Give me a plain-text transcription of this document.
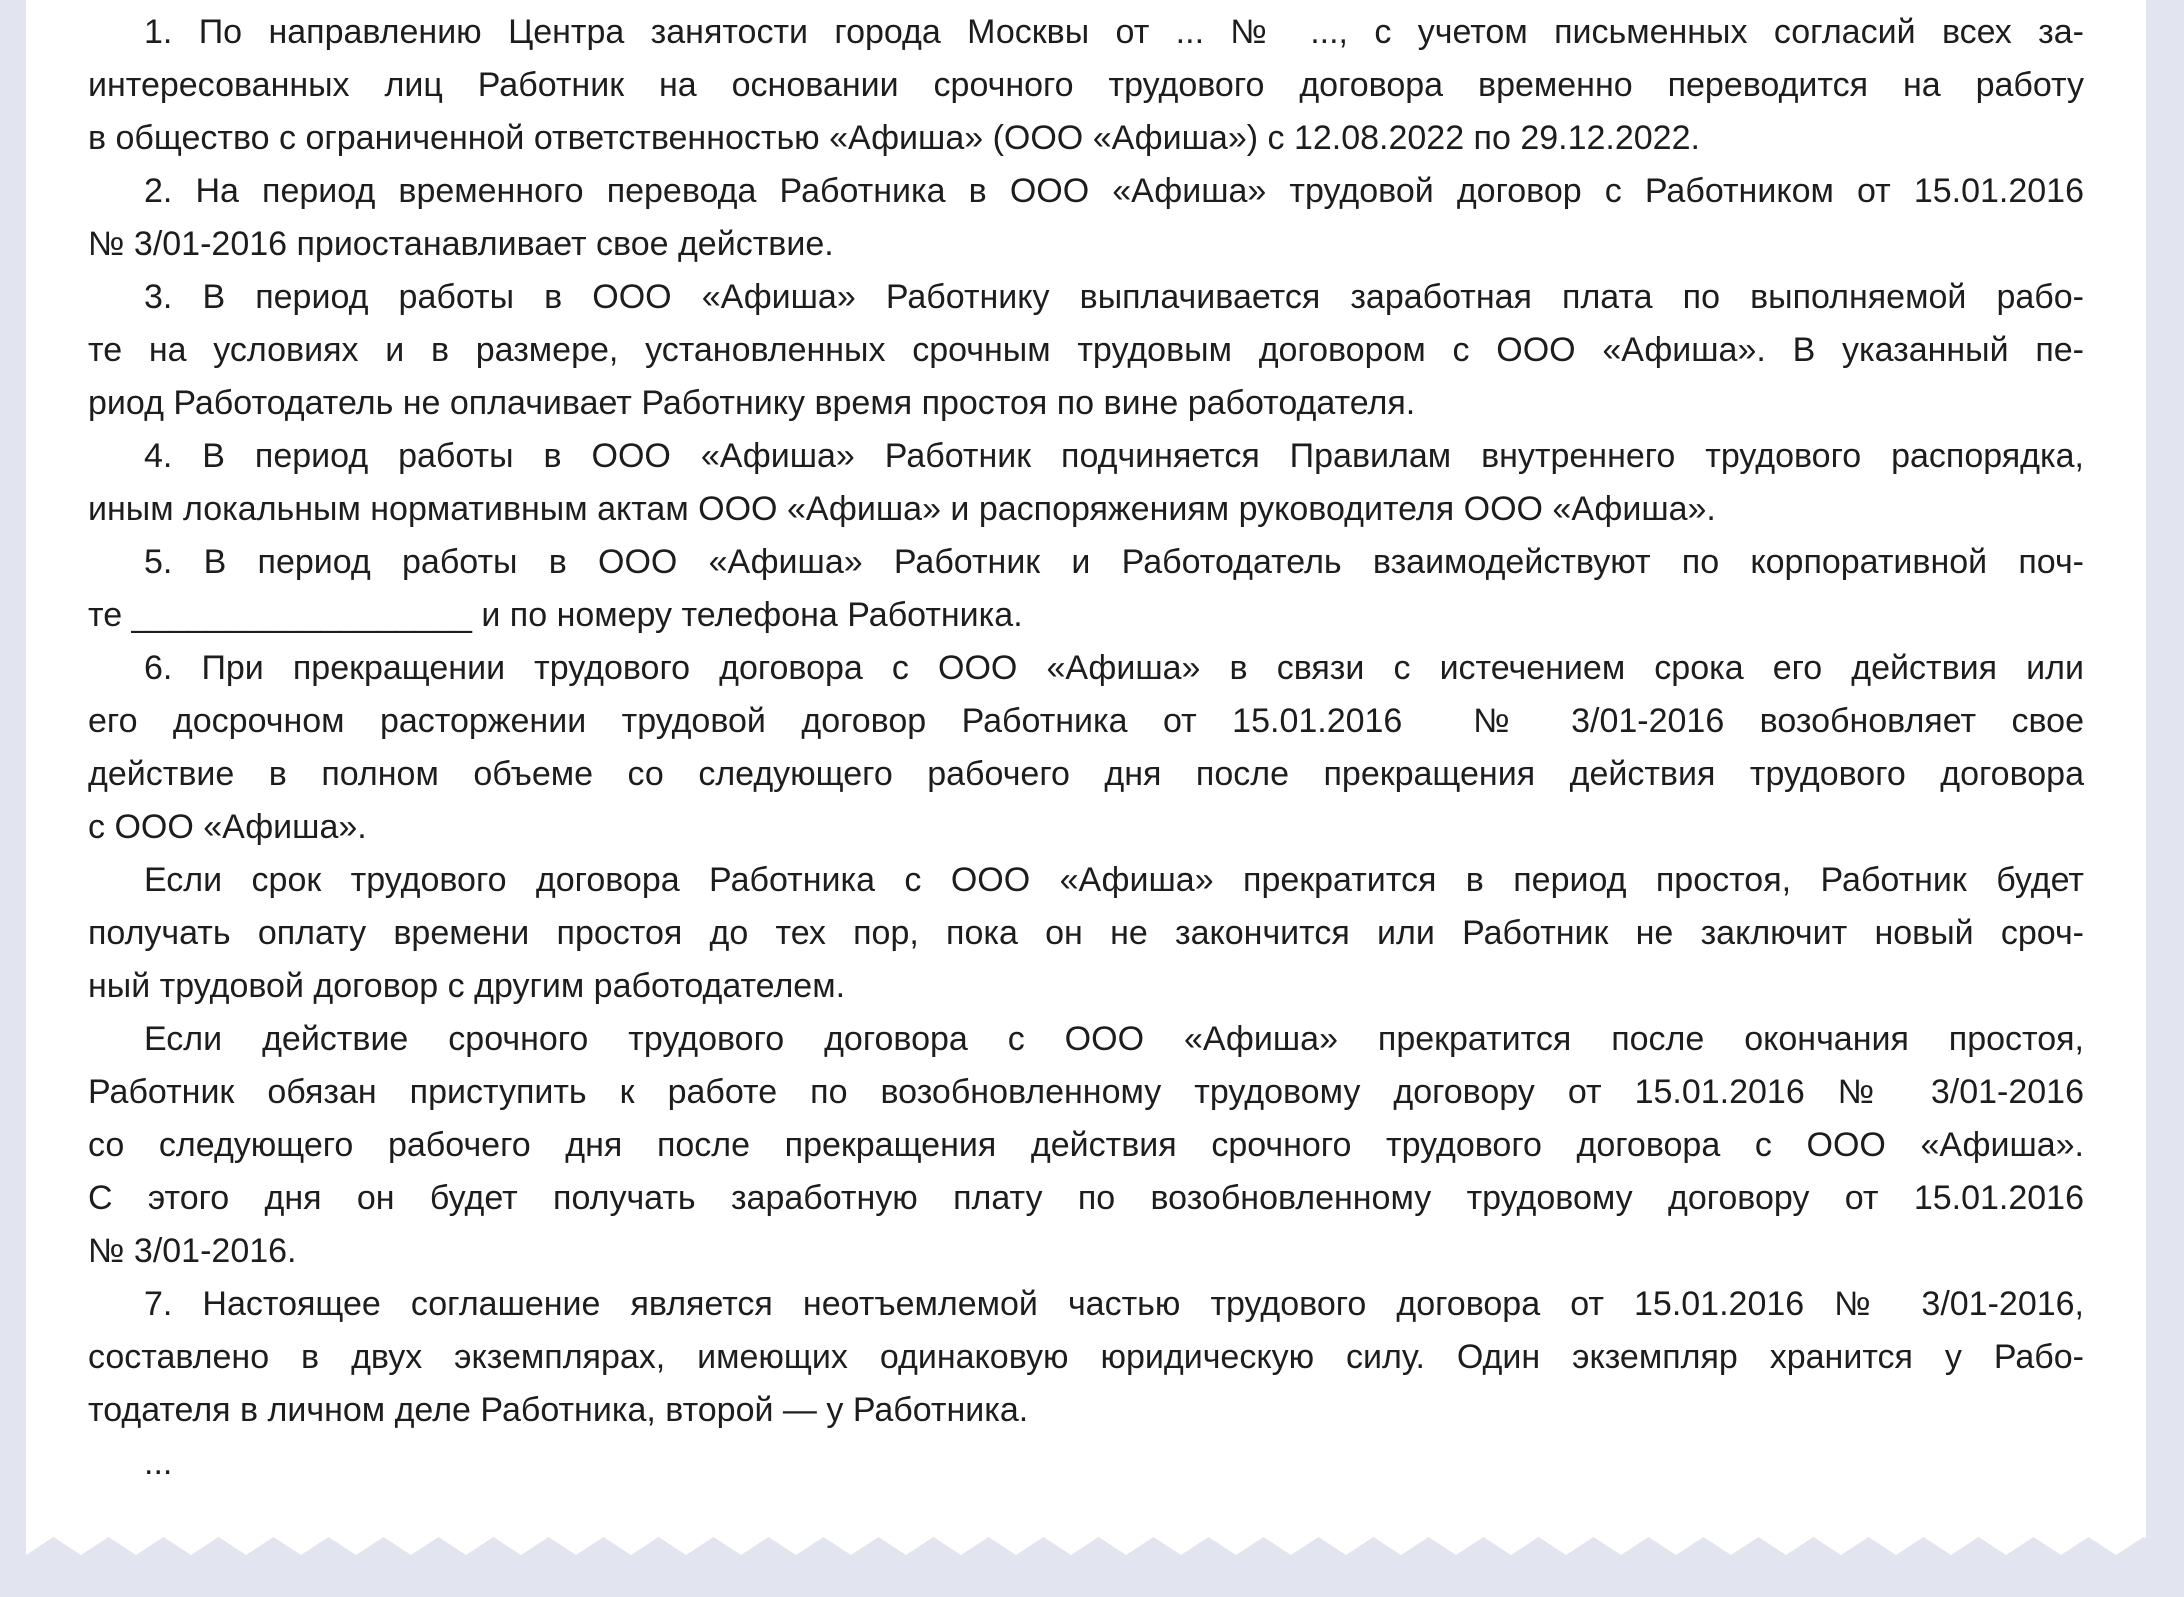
1. По направлению Центра занятости города Москвы от ... № ..., с учетом письменных согласий всех за-
интересованных лиц Работник на основании срочного трудового договора временно переводится на работу
в общество с ограниченной ответственностью «Афиша» (ООО «Афиша») с 12.08.2022 по 29.12.2022.
2. На период временного перевода Работника в ООО «Афиша» трудовой договор с Работником от 15.01.2016
№ 3/01-2016 приостанавливает свое действие.
3. В период работы в ООО «Афиша» Работнику выплачивается заработная плата по выполняемой рабо-
те на условиях и в размере, установленных срочным трудовым договором с ООО «Афиша». В указанный пе-
риод Работодатель не оплачивает Работнику время простоя по вине работодателя.
4. В период работы в ООО «Афиша» Работник подчиняется Правилам внутреннего трудового распорядка,
иным локальным нормативным актам ООО «Афиша» и распоряжениям руководителя ООО «Афиша».
5. В период работы в ООО «Афиша» Работник и Работодатель взаимодействуют по корпоративной поч-
те __________________ и по номеру телефона Работника.
6. При прекращении трудового договора с ООО «Афиша» в связи с истечением срока его действия или
его досрочном расторжении трудовой договор Работника от 15.01.2016  № 3/01-2016 возобновляет свое
действие в полном объеме со следующего рабочего дня после прекращения действия трудового договора
с ООО «Афиша».
Если срок трудового договора Работника с ООО «Афиша» прекратится в период простоя, Работник будет
получать оплату времени простоя до тех пор, пока он не закончится или Работник не заключит новый сроч-
ный трудовой договор с другим работодателем.
Если действие срочного трудового договора с ООО «Афиша» прекратится после окончания простоя,
Работник обязан приступить к работе по возобновленному трудовому договору от 15.01.2016 № 3/01-2016
со следующего рабочего дня после прекращения действия срочного трудового договора с ООО «Афиша».
С этого дня он будет получать заработную плату по возобновленному трудовому договору от 15.01.2016
№ 3/01-2016.
7. Настоящее соглашение является неотъемлемой частью трудового договора от 15.01.2016 № 3/01-2016,
составлено в двух экземплярах, имеющих одинаковую юридическую силу. Один экземпляр хранится у Рабо-
тодателя в личном деле Работника, второй — у Работника.
...
